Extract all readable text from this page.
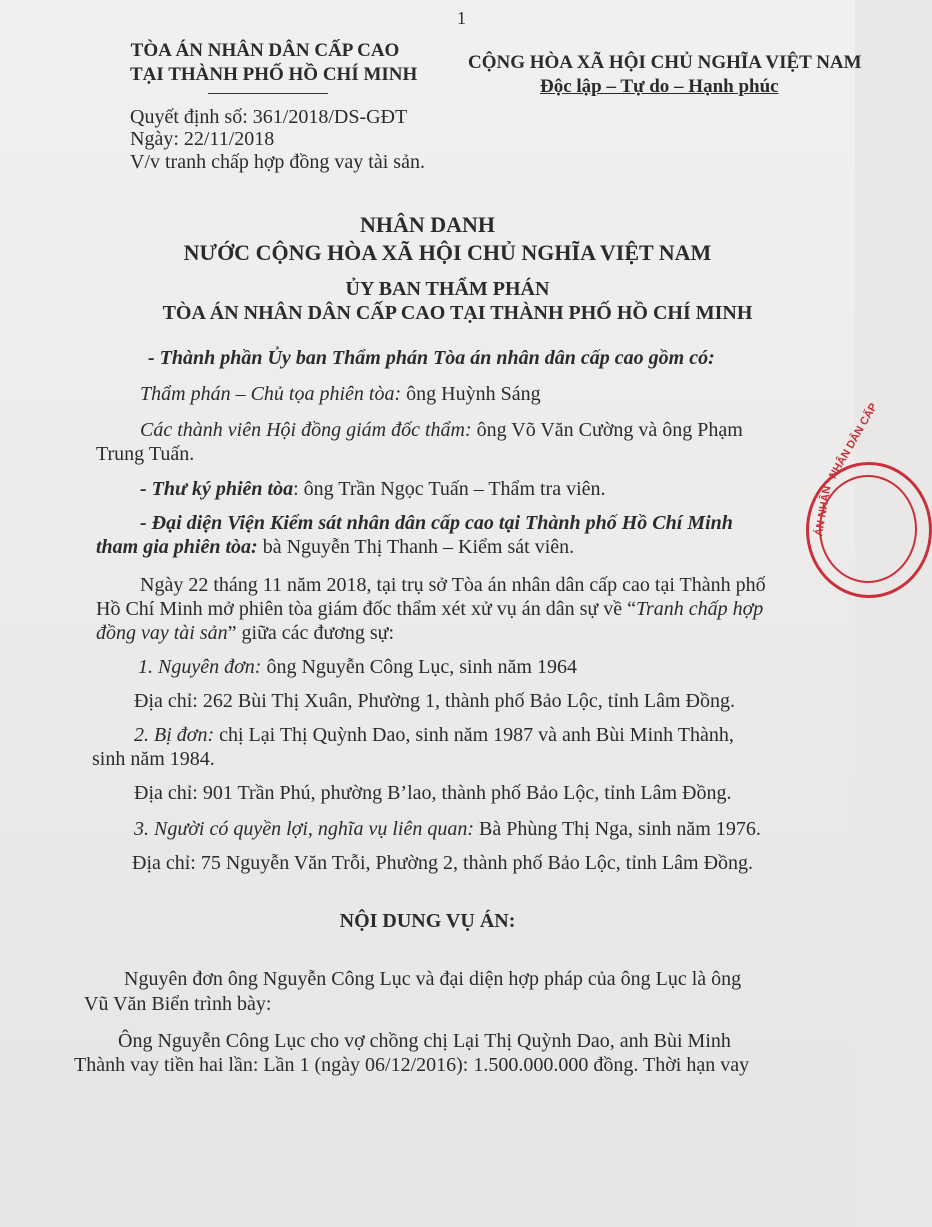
1
TÒA ÁN NHÂN DÂN CẤP CAO
TẠI THÀNH PHỐ HỒ CHÍ MINH
CỘNG HÒA XÃ HỘI CHỦ NGHĨA VIỆT NAM
Độc lập – Tự do – Hạnh phúc
Quyết định số: 361/2018/DS-GĐT
Ngày: 22/11/2018
V/v tranh chấp hợp đồng vay tài sản.
NHÂN DANH
NƯỚC CỘNG HÒA XÃ HỘI CHỦ NGHĨA VIỆT NAM
ỦY BAN THẨM PHÁN
TÒA ÁN NHÂN DÂN CẤP CAO TẠI THÀNH PHỐ HỒ CHÍ MINH
- Thành phần Ủy ban Thẩm phán Tòa án nhân dân cấp cao gồm có:
Thẩm phán – Chủ tọa phiên tòa: ông Huỳnh Sáng
Các thành viên Hội đồng giám đốc thẩm: ông Võ Văn Cường và ông Phạm
Trung Tuấn.
- Thư ký phiên tòa: ông Trần Ngọc Tuấn – Thẩm tra viên.
- Đại diện Viện Kiểm sát nhân dân cấp cao tại Thành phố Hồ Chí Minh
tham gia phiên tòa: bà Nguyễn Thị Thanh – Kiểm sát viên.
Ngày 22 tháng 11 năm 2018, tại trụ sở Tòa án nhân dân cấp cao tại Thành phố
Hồ Chí Minh mở phiên tòa giám đốc thẩm xét xử vụ án dân sự về “Tranh chấp hợp
đồng vay tài sản” giữa các đương sự:
1. Nguyên đơn: ông Nguyễn Công Lục, sinh năm 1964
Địa chỉ: 262 Bùi Thị Xuân, Phường 1, thành phố Bảo Lộc, tỉnh Lâm Đồng.
2. Bị đơn: chị Lại Thị Quỳnh Dao, sinh năm 1987 và anh Bùi Minh Thành,
sinh năm 1984.
Địa chỉ: 901 Trần Phú, phường B’lao, thành phố Bảo Lộc, tỉnh Lâm Đồng.
3. Người có quyền lợi, nghĩa vụ liên quan: Bà Phùng Thị Nga, sinh năm 1976.
Địa chỉ: 75 Nguyễn Văn Trỗi, Phường 2, thành phố Bảo Lộc, tỉnh Lâm Đồng.
NỘI DUNG VỤ ÁN:
Nguyên đơn ông Nguyễn Công Lục và đại diện hợp pháp của ông Lục là ông
Vũ Văn Biển trình bày:
Ông Nguyễn Công Lục cho vợ chồng chị Lại Thị Quỳnh Dao, anh Bùi Minh
Thành vay tiền hai lần: Lần 1 (ngày 06/12/2016): 1.500.000.000 đồng. Thời hạn vay
NHÂN DÂN CẤP
ÁN NHÂN
